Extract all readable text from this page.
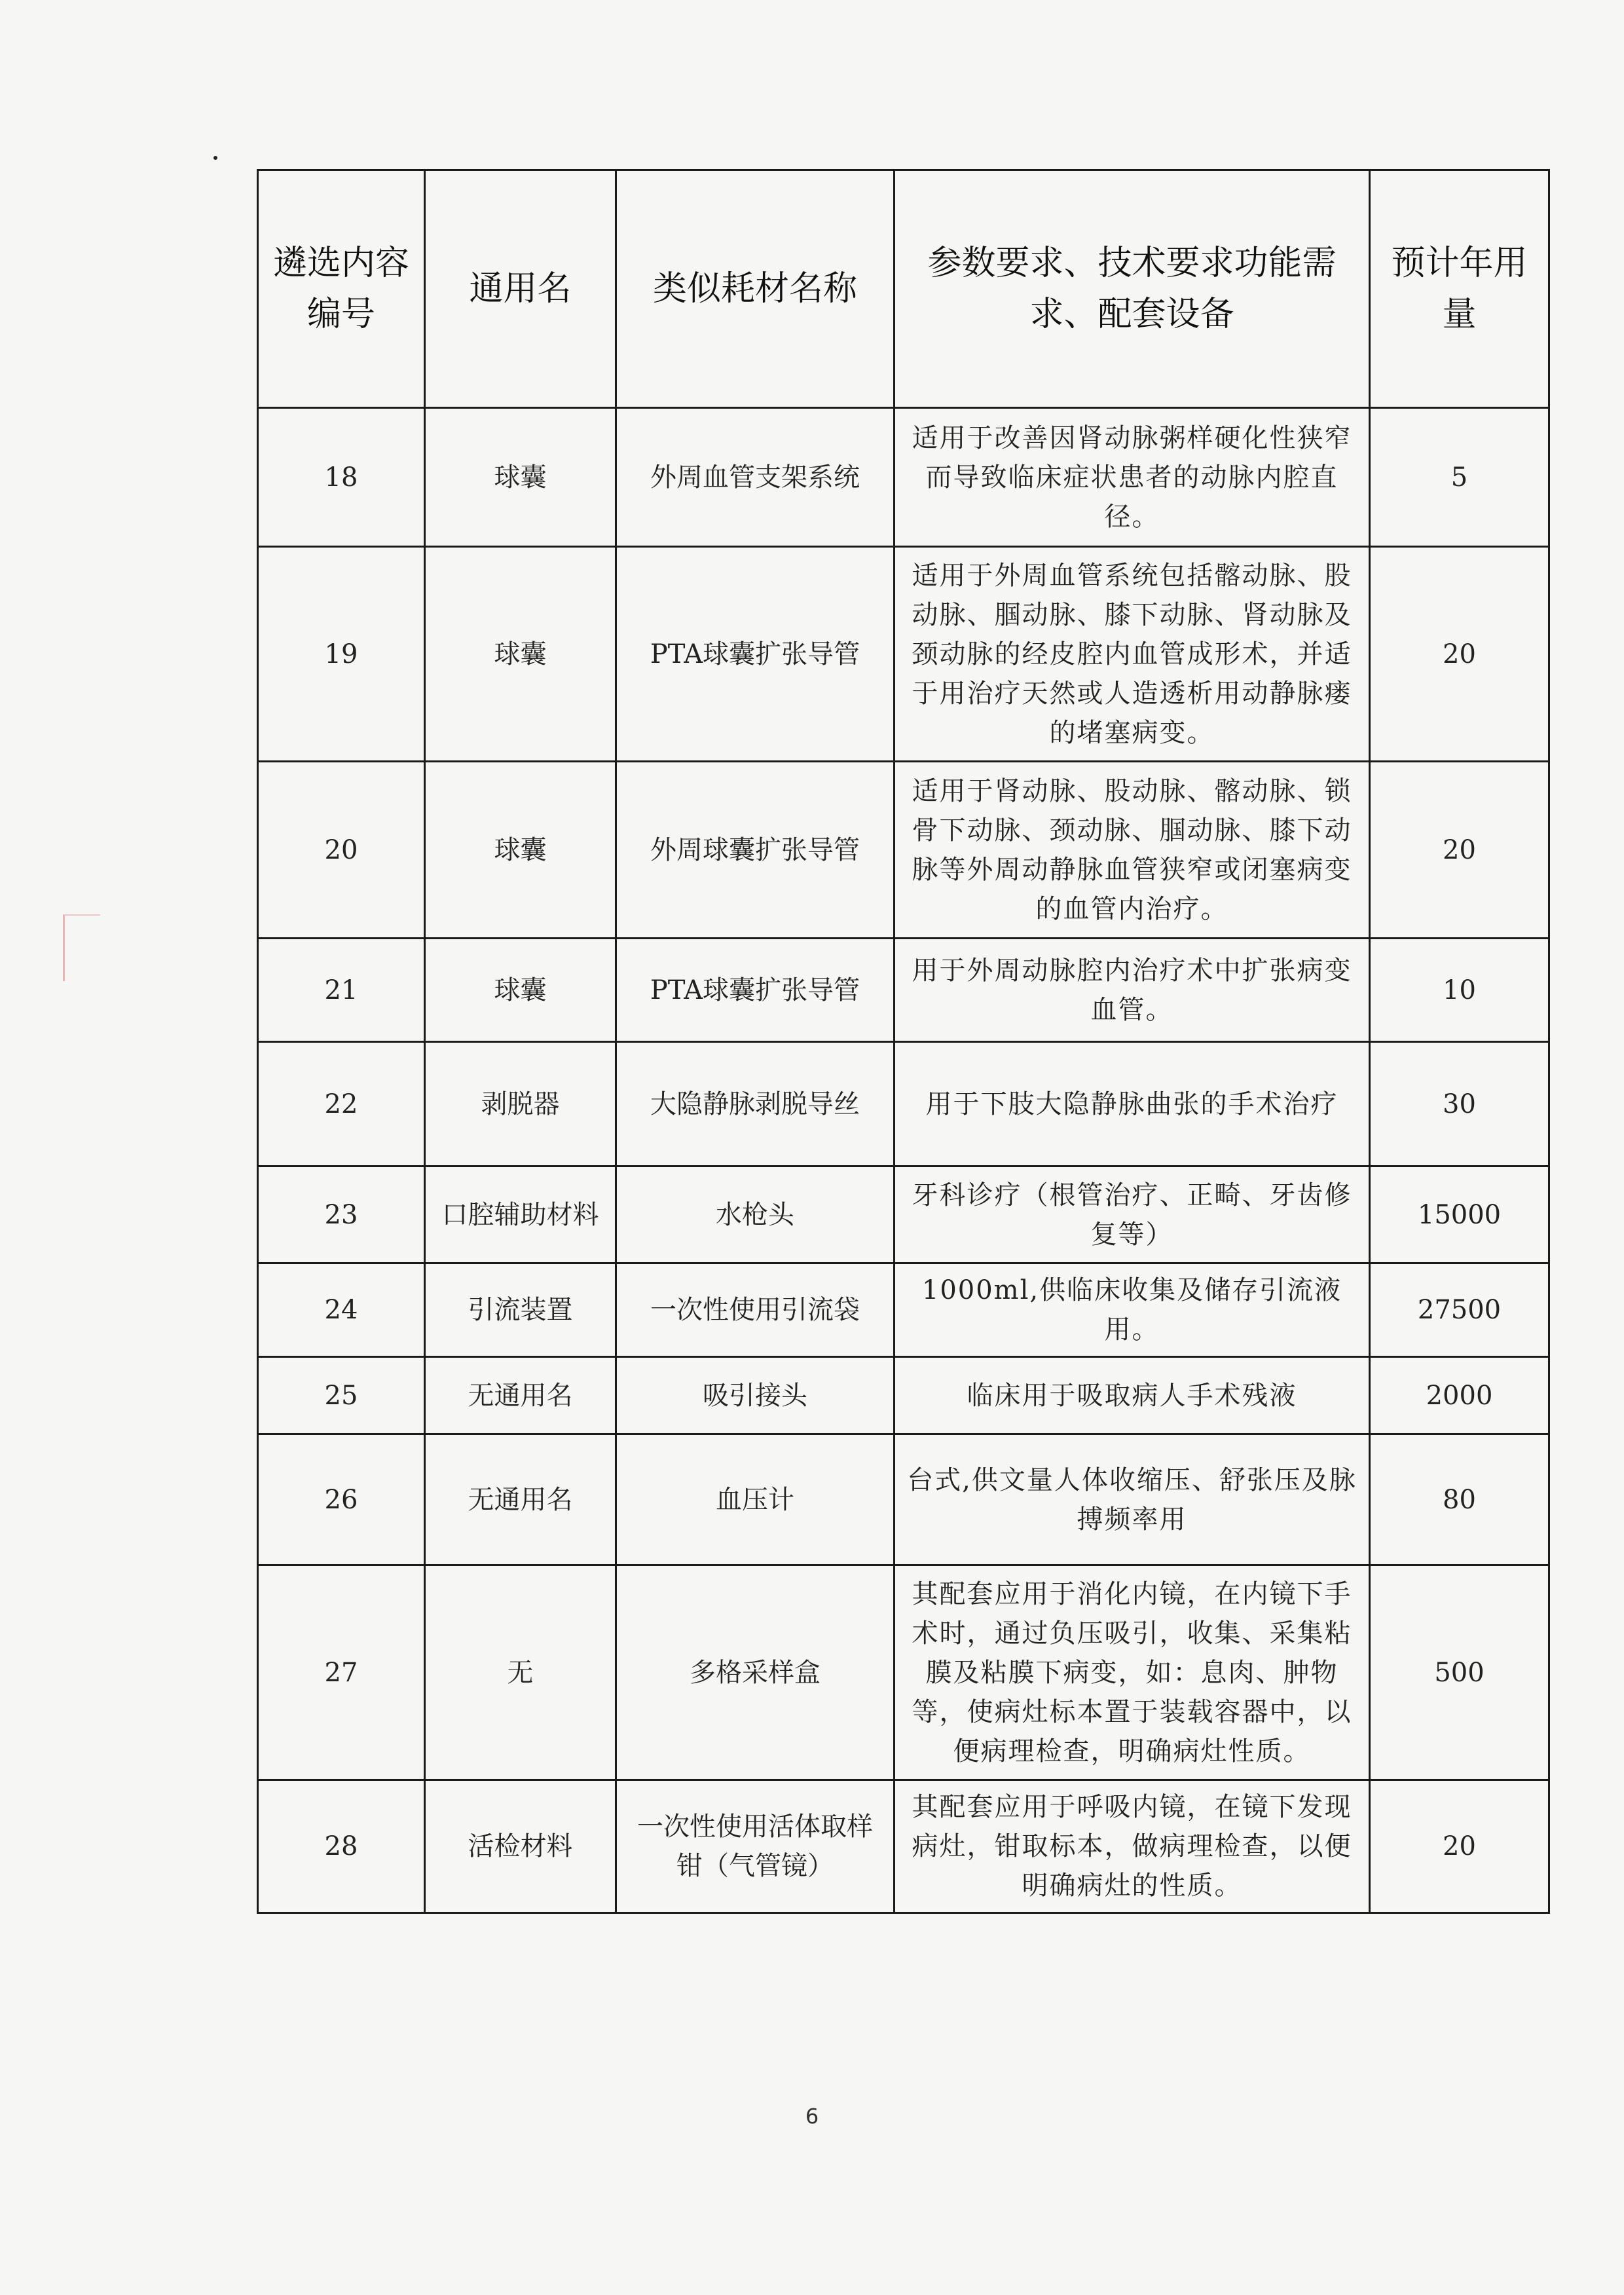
遴选内容编号	通用名	类似耗材名称	参数要求、技术要求功能需求、配套设备	预计年用量
18	球囊	外周血管支架系统	适用于改善因肾动脉粥样硬化性狭窄而导致临床症状患者的动脉内腔直径。	5
19	球囊	PTA球囊扩张导管	适用于外周血管系统包括髂动脉、股动脉、腘动脉、膝下动脉、肾动脉及颈动脉的经皮腔内血管成形术，并适于用治疗天然或人造透析用动静脉瘘的堵塞病变。	20
20	球囊	外周球囊扩张导管	适用于肾动脉、股动脉、髂动脉、锁骨下动脉、颈动脉、腘动脉、膝下动脉等外周动静脉血管狭窄或闭塞病变的血管内治疗。	20
21	球囊	PTA球囊扩张导管	用于外周动脉腔内治疗术中扩张病变血管。	10
22	剥脱器	大隐静脉剥脱导丝	用于下肢大隐静脉曲张的手术治疗	30
23	口腔辅助材料	水枪头	牙科诊疗（根管治疗、正畸、牙齿修复等）	15000
24	引流装置	一次性使用引流袋	1000ml,供临床收集及储存引流液用。	27500
25	无通用名	吸引接头	临床用于吸取病人手术残液	2000
26	无通用名	血压计	台式,供文量人体收缩压、舒张压及脉搏频率用	80
27	无	多格采样盒	其配套应用于消化内镜，在内镜下手术时，通过负压吸引，收集、采集粘膜及粘膜下病变，如：息肉、肿物等，使病灶标本置于装载容器中，以便病理检查，明确病灶性质。	500
28	活检材料	一次性使用活体取样钳（气管镜）	其配套应用于呼吸内镜，在镜下发现病灶，钳取标本，做病理检查，以便明确病灶的性质。	20
6
